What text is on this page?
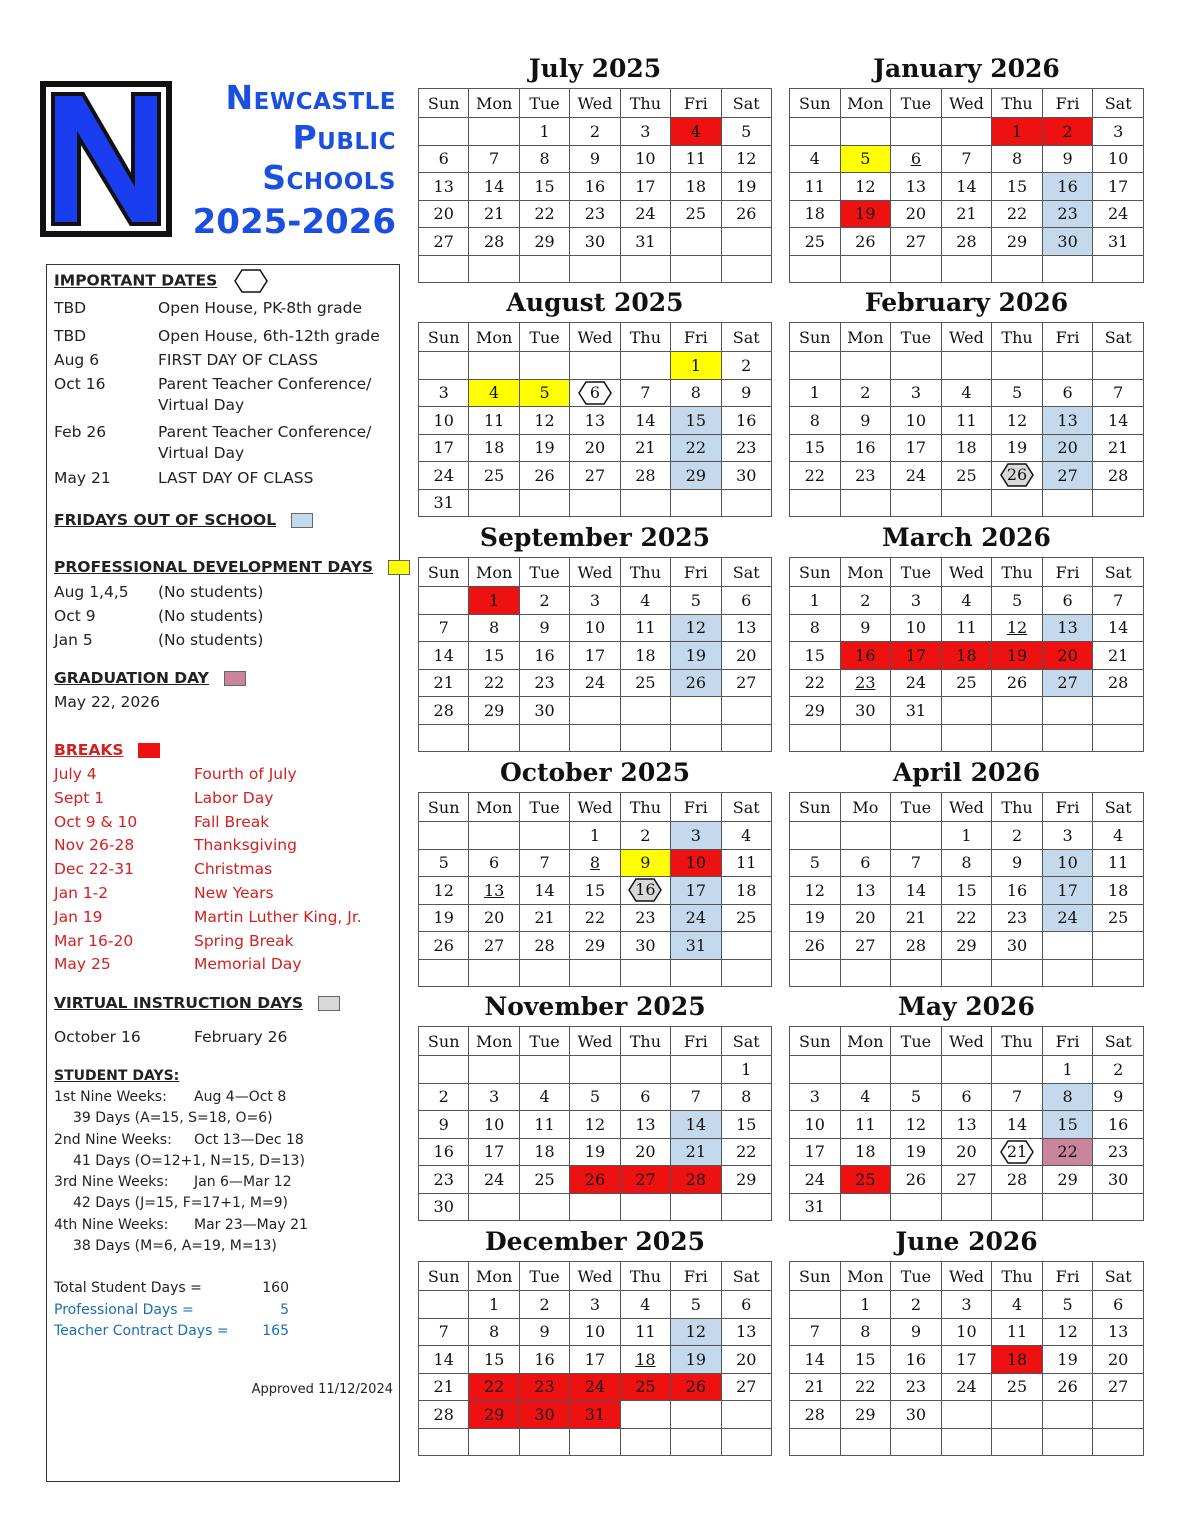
Newcastle
Public
Schools
2025-2026
IMPORTANT DATES
FRIDAYS OUT OF SCHOOL
PROFESSIONAL DEVELOPMENT DAYS
GRADUATION DAY
May 22, 2026
BREAKS
VIRTUAL INSTRUCTION DAYS
October 16	February 26
STUDENT DAYS:
Approved 11/12/2024
TBD	Open House, PK-8th grade
TBD	Open House, 6th-12th grade
Aug 6	FIRST DAY OF CLASS
Oct 16	Parent Teacher Conference/
Virtual Day
Feb 26	Parent Teacher Conference/
Virtual Day
May 21	LAST DAY OF CLASS
Aug 1,4,5	(No students)
Oct 9	(No students)
Jan 5	(No students)
July 4	Fourth of July
Sept 1	Labor Day
Oct 9 & 10	Fall Break
Nov 26-28	Thanksgiving
Dec 22-31	Christmas
Jan 1-2	New Years
Jan 19	Martin Luther King, Jr.
Mar 16-20	Spring Break
May 25	Memorial Day
1st Nine Weeks:	Aug 4—Oct 8
39 Days (A=15, S=18, O=6)
2nd Nine Weeks:	Oct 13—Dec 18
41 Days (O=12+1, N=15, D=13)
3rd Nine Weeks:	Jan 6—Mar 12
42 Days (J=15, F=17+1, M=9)
4th Nine Weeks:	Mar 23—May 21
38 Days (M=6, A=19, M=13)
Total Student Days =	160
Professional Days =	5
Teacher Contract Days =	165
July 2025
Sun	Mon	Tue	Wed	Thu	Fri	Sat
		1	2	3	4	5
6	7	8	9	10	11	12
13	14	15	16	17	18	19
20	21	22	23	24	25	26
27	28	29	30	31		

January 2026
Sun	Mon	Tue	Wed	Thu	Fri	Sat
				1	2	3
4	5	6	7	8	9	10
11	12	13	14	15	16	17
18	19	20	21	22	23	24
25	26	27	28	29	30	31

August 2025
Sun	Mon	Tue	Wed	Thu	Fri	Sat
					1	2
3	4	5	6	7	8	9
10	11	12	13	14	15	16
17	18	19	20	21	22	23
24	25	26	27	28	29	30
31						
February 2026
Sun	Mon	Tue	Wed	Thu	Fri	Sat

1	2	3	4	5	6	7
8	9	10	11	12	13	14
15	16	17	18	19	20	21
22	23	24	25	26	27	28

September 2025
Sun	Mon	Tue	Wed	Thu	Fri	Sat
	1	2	3	4	5	6
7	8	9	10	11	12	13
14	15	16	17	18	19	20
21	22	23	24	25	26	27
28	29	30				

March 2026
Sun	Mon	Tue	Wed	Thu	Fri	Sat
1	2	3	4	5	6	7
8	9	10	11	12	13	14
15	16	17	18	19	20	21
22	23	24	25	26	27	28
29	30	31				

October 2025
Sun	Mon	Tue	Wed	Thu	Fri	Sat
			1	2	3	4
5	6	7	8	9	10	11
12	13	14	15	16	17	18
19	20	21	22	23	24	25
26	27	28	29	30	31	

April 2026
Sun	Mo	Tue	Wed	Thu	Fri	Sat
			1	2	3	4
5	6	7	8	9	10	11
12	13	14	15	16	17	18
19	20	21	22	23	24	25
26	27	28	29	30		

November 2025
Sun	Mon	Tue	Wed	Thu	Fri	Sat
						1
2	3	4	5	6	7	8
9	10	11	12	13	14	15
16	17	18	19	20	21	22
23	24	25	26	27	28	29
30						
May 2026
Sun	Mon	Tue	Wed	Thu	Fri	Sat
					1	2
3	4	5	6	7	8	9
10	11	12	13	14	15	16
17	18	19	20	21	22	23
24	25	26	27	28	29	30
31						
December 2025
Sun	Mon	Tue	Wed	Thu	Fri	Sat
	1	2	3	4	5	6
7	8	9	10	11	12	13
14	15	16	17	18	19	20
21	22	23	24	25	26	27
28	29	30	31			

June 2026
Sun	Mon	Tue	Wed	Thu	Fri	Sat
	1	2	3	4	5	6
7	8	9	10	11	12	13
14	15	16	17	18	19	20
21	22	23	24	25	26	27
28	29	30				
